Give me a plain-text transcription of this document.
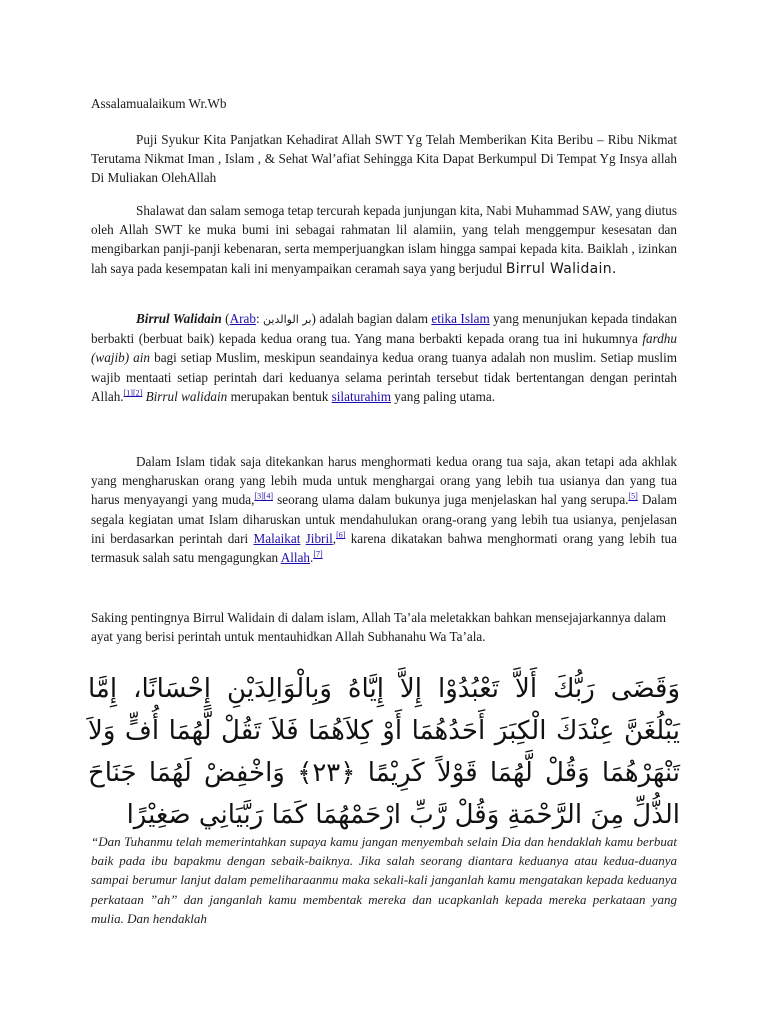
Assalamualaikum Wr.Wb
Puji Syukur Kita Panjatkan Kehadirat Allah SWT Yg Telah Memberikan Kita Beribu – Ribu Nikmat Terutama Nikmat Iman , Islam , & Sehat Wal’afiat Sehingga Kita Dapat Berkumpul Di Tempat Yg Insya allah Di Muliakan OlehAllah
Shalawat dan salam semoga tetap tercurah kepada junjungan kita, Nabi Muhammad SAW, yang diutus oleh Allah SWT ke muka bumi ini sebagai rahmatan lil alamiin, yang telah menggempur kesesatan dan mengibarkan panji-panji kebenaran, serta memperjuangkan islam hingga sampai kepada kita. Baiklah , izinkan lah saya pada kesempatan kali ini menyampaikan ceramah saya yang berjudul Birrul Walidain.
Birrul Walidain (Arab: بر الوالدين) adalah bagian dalam etika Islam yang menunjukan kepada tindakan berbakti (berbuat baik) kepada kedua orang tua. Yang mana berbakti kepada orang tua ini hukumnya fardhu (wajib) ain bagi setiap Muslim, meskipun seandainya kedua orang tuanya adalah non muslim. Setiap muslim wajib mentaati setiap perintah dari keduanya selama perintah tersebut tidak bertentangan dengan perintah Allah.[1][2] Birrul walidain merupakan bentuk silaturahim yang paling utama.
Dalam Islam tidak saja ditekankan harus menghormati kedua orang tua saja, akan tetapi ada akhlak yang mengharuskan orang yang lebih muda untuk menghargai orang yang lebih tua usianya dan yang tua harus menyayangi yang muda,[3][4] seorang ulama dalam bukunya juga menjelaskan hal yang serupa.[5] Dalam segala kegiatan umat Islam diharuskan untuk mendahulukan orang-orang yang lebih tua usianya, penjelasan ini berdasarkan perintah dari Malaikat Jibril,[6] karena dikatakan bahwa menghormati orang yang lebih tua termasuk salah satu mengagungkan Allah.[7]
Saking pentingnya Birrul Walidain di dalam islam, Allah Ta’ala meletakkan bahkan mensejajarkannya dalam ayat yang berisi perintah untuk mentauhidkan Allah Subhanahu Wa Ta’ala.
وَقَضَى رَبُّكَ أَلاَّ تَعْبُدُوْا إِلاَّ إِيَّاهُ وَبِالْوَالِدَيْنِ إِحْسَانًا، إِمَّا يَبْلُغَنَّ عِنْدَكَ الْكِبَرَ أَحَدُهُمَا أَوْ كِلاَهُمَا فَلاَ تَقُلْ لَّهُمَا أُفٍّ وَلاَ تَنْهَرْهُمَا وَقُلْ لَّهُمَا قَوْلاً كَرِيْمًا ﴿٢٣﴾ وَاخْفِضْ لَهُمَا جَنَاحَ الذُّلِّ مِنَ الرَّحْمَةِ وَقُلْ رَّبِّ ارْحَمْهُمَا كَمَا رَبَّيَانِي صَغِيْرًا
“Dan Tuhanmu telah memerintahkan supaya kamu jangan menyembah selain Dia dan hendaklah kamu berbuat baik pada ibu bapakmu dengan sebaik-baiknya. Jika salah seorang diantara keduanya atau kedua-duanya sampai berumur lanjut dalam pemeliharaanmu maka sekali-kali janganlah kamu mengatakan kepada keduanya perkataan ”ah” dan janganlah kamu membentak mereka dan ucapkanlah kepada mereka perkataan yang mulia. Dan hendaklah
